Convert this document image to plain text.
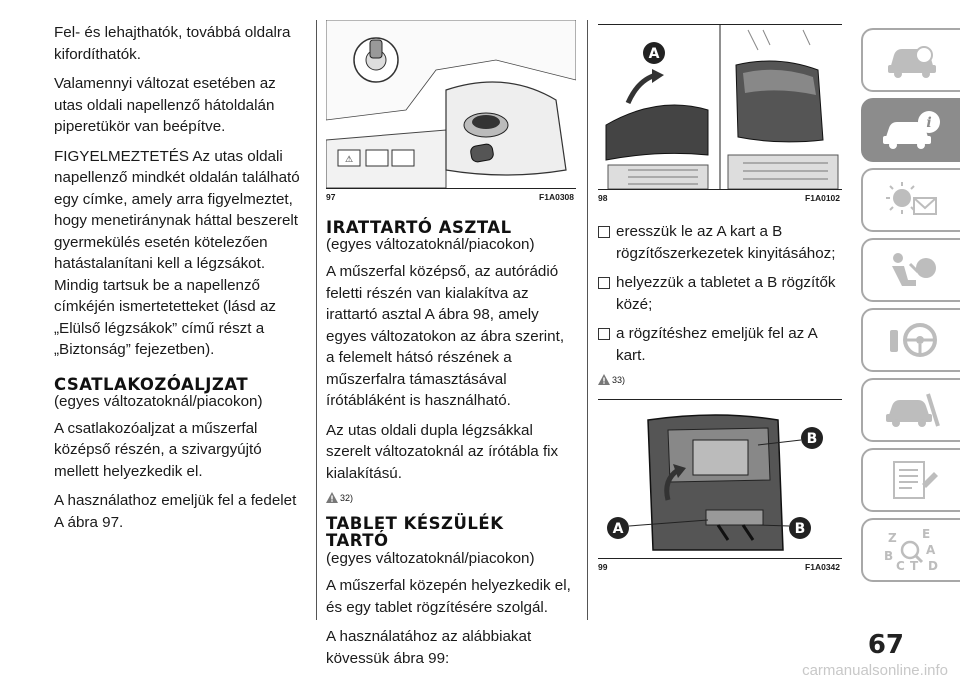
Fel- és lehajthatók, továbbá oldalra kifordíthatók.

Valamennyi változat esetében az utas oldali napellenző hátoldalán piperetükör van beépítve.

FIGYELMEZTETÉS Az utas oldali napellenző mindkét oldalán található egy címke, amely arra figyelmeztet, hogy menetiránynak háttal beszerelt gyermekülés esetén kötelezően hatástalanítani kell a légzsákot. Mindig tartsuk be a napellenző címkéjén ismertetetteket (lásd az „Elülső légzsákok” című részt a „Biztonság” fejezetben).

CSATLAKOZÓALJZAT
(egyes változatoknál/piacokon)

A csatlakozóaljzat a műszerfal középső részén, a szivargyújtó mellett helyezkedik el.

A használathoz emeljük fel a fedelet A ábra 97.

⚠
97	F1A0308
IRATTARTÓ ASZTAL
(egyes változatoknál/piacokon)

A műszerfal középső, az autórádió feletti részén van kialakítva az irattartó asztal A ábra 98, amely egyes változatokon az ábra szerint, a felemelt hátsó részének a műszerfalra támasztásával írótábláként is használható.

Az utas oldali dupla légzsákkal szerelt változatoknál az írótábla fix kialakítású.

32)
TABLET KÉSZÜLÉK TARTÓ
(egyes változatoknál/piacokon)

A műszerfal közepén helyezkedik el, és egy tablet rögzítésére szolgál.

A használatához az alábbiakat kövessük ábra 99:

A
98	F1A0102
eresszük le az A kart a B rögzítőszerkezetek kinyitásához;
helyezzük a tabletet a B rögzítők közé;
a rögzítéshez emeljük fel az A kart.
33)
B
A	B
99	F1A0342
i
Z E
B	A
C T D
67
carmanualsonline.info
